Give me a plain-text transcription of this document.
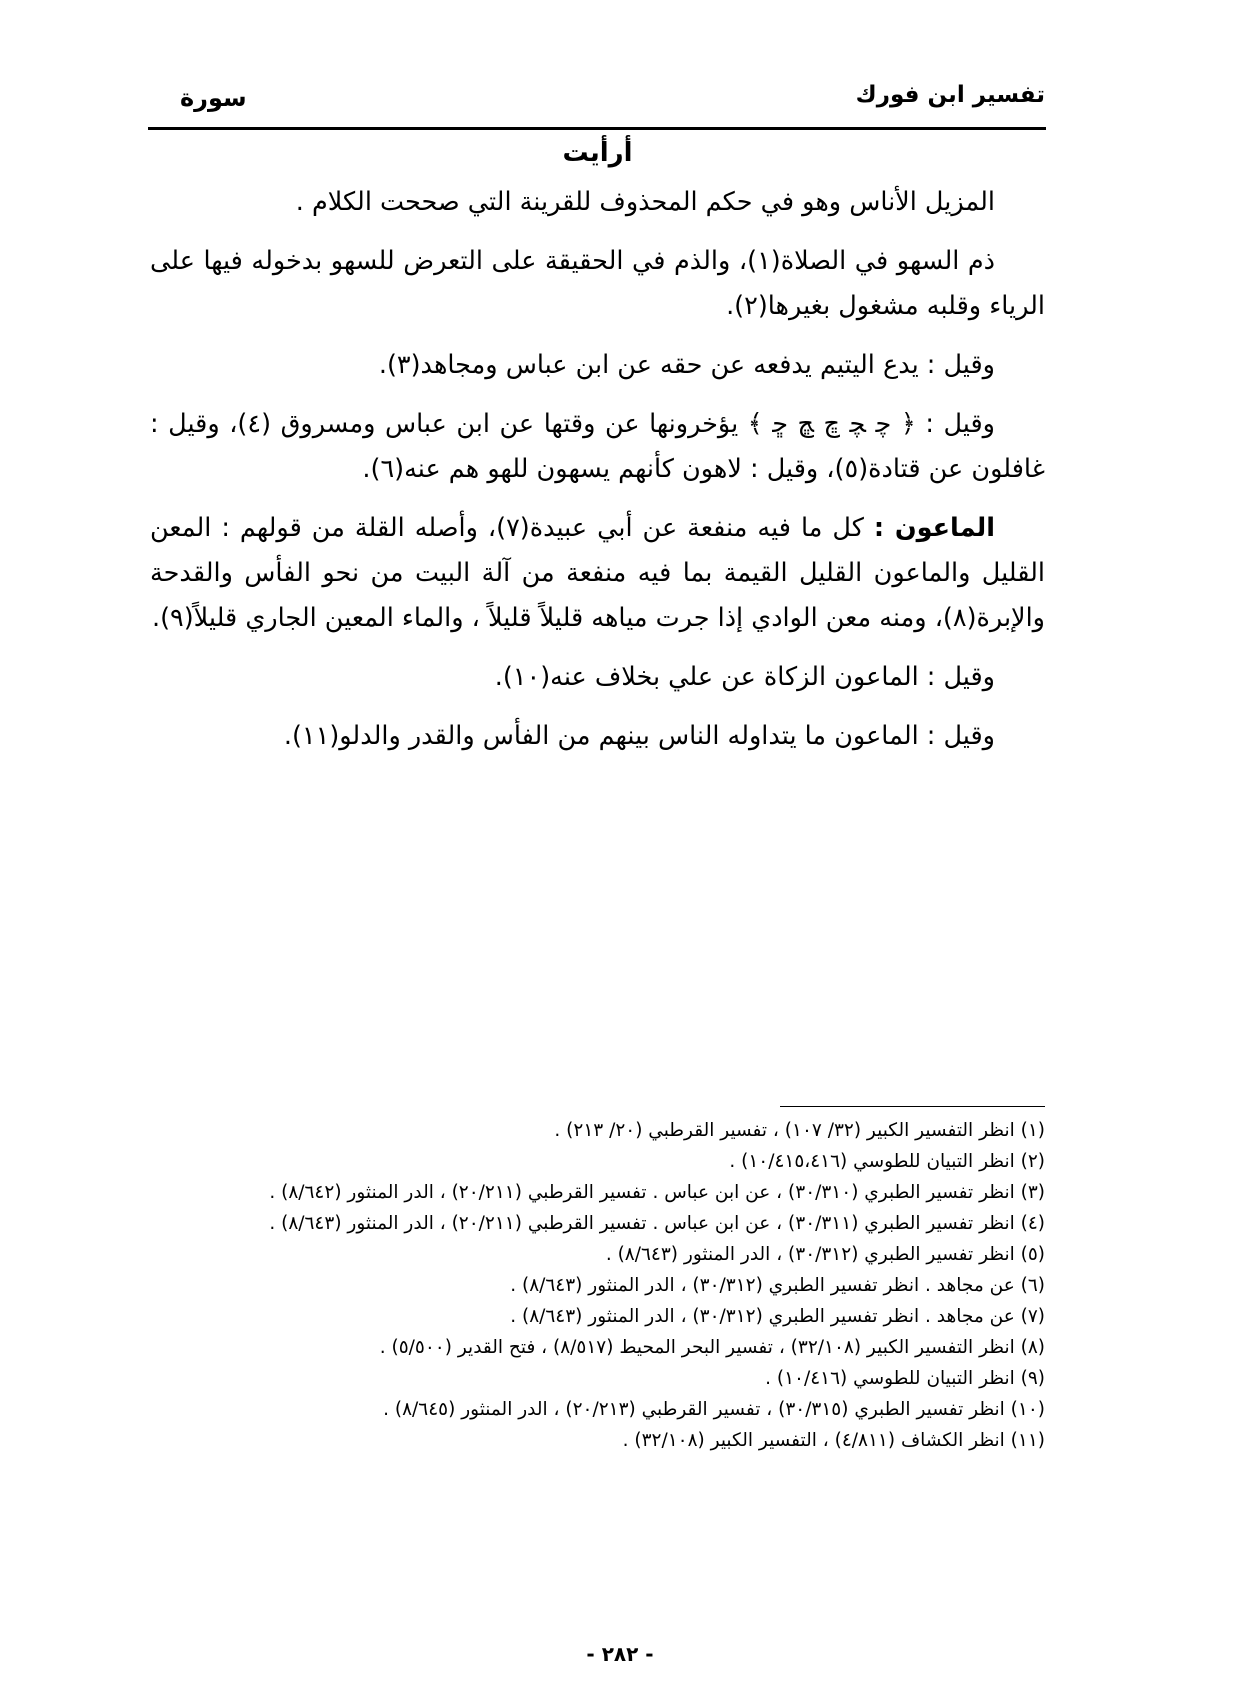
تفسير ابن فورك
سورة
أرأيت

المزيل الأناس وهو في حكم المحذوف للقرينة التي صححت الكلام .

ذم السهو في الصلاة(١)، والذم في الحقيقة على التعرض للسهو بدخوله فيها على الرياء وقلبه مشغول بغيرها(٢).

وقيل : يدع اليتيم يدفعه عن حقه عن ابن عباس ومجاهد(٣).

وقيل : ﴿ ﭼ ﭽ ﭾ ﭿ ﮀ ﴾ يؤخرونها عن وقتها عن ابن عباس ومسروق (٤)، وقيل : غافلون عن قتادة(٥)، وقيل : لاهون كأنهم يسهون للهو هم عنه(٦).

الماعون : كل ما فيه منفعة عن أبي عبيدة(٧)، وأصله القلة من قولهم : المعن القليل والماعون القليل القيمة بما فيه منفعة من آلة البيت من نحو الفأس والقدحة والإبرة(٨)، ومنه معن الوادي إذا جرت مياهه قليلاً قليلاً ، والماء المعين الجاري قليلاً(٩).

وقيل : الماعون الزكاة عن علي بخلاف عنه(١٠).

وقيل : الماعون ما يتداوله الناس بينهم من الفأس والقدر والدلو(١١).

(١) انظر التفسير الكبير (٣٢/ ١٠٧) ، تفسير القرطبي (٢٠/ ٢١٣) .
(٢) انظر التبيان للطوسي (١٠/٤١٥،٤١٦) .
(٣) انظر تفسير الطبري (٣٠/٣١٠) ، عن ابن عباس . تفسير القرطبي (٢٠/٢١١) ، الدر المنثور (٨/٦٤٢) .
(٤) انظر تفسير الطبري (٣٠/٣١١) ، عن ابن عباس . تفسير القرطبي (٢٠/٢١١) ، الدر المنثور (٨/٦٤٣) .
(٥) انظر تفسير الطبري (٣٠/٣١٢) ، الدر المنثور (٨/٦٤٣) .
(٦) عن مجاهد . انظر تفسير الطبري (٣٠/٣١٢) ، الدر المنثور (٨/٦٤٣) .
(٧) عن مجاهد . انظر تفسير الطبري (٣٠/٣١٢) ، الدر المنثور (٨/٦٤٣) .
(٨) انظر التفسير الكبير (٣٢/١٠٨) ، تفسير البحر المحيط (٨/٥١٧) ، فتح القدير (٥/٥٠٠) .
(٩) انظر التبيان للطوسي (١٠/٤١٦) .
(١٠) انظر تفسير الطبري (٣٠/٣١٥) ، تفسير القرطبي (٢٠/٢١٣) ، الدر المنثور (٨/٦٤٥) .
(١١) انظر الكشاف (٤/٨١١) ، التفسير الكبير (٣٢/١٠٨) .
- ٢٨٢ -
